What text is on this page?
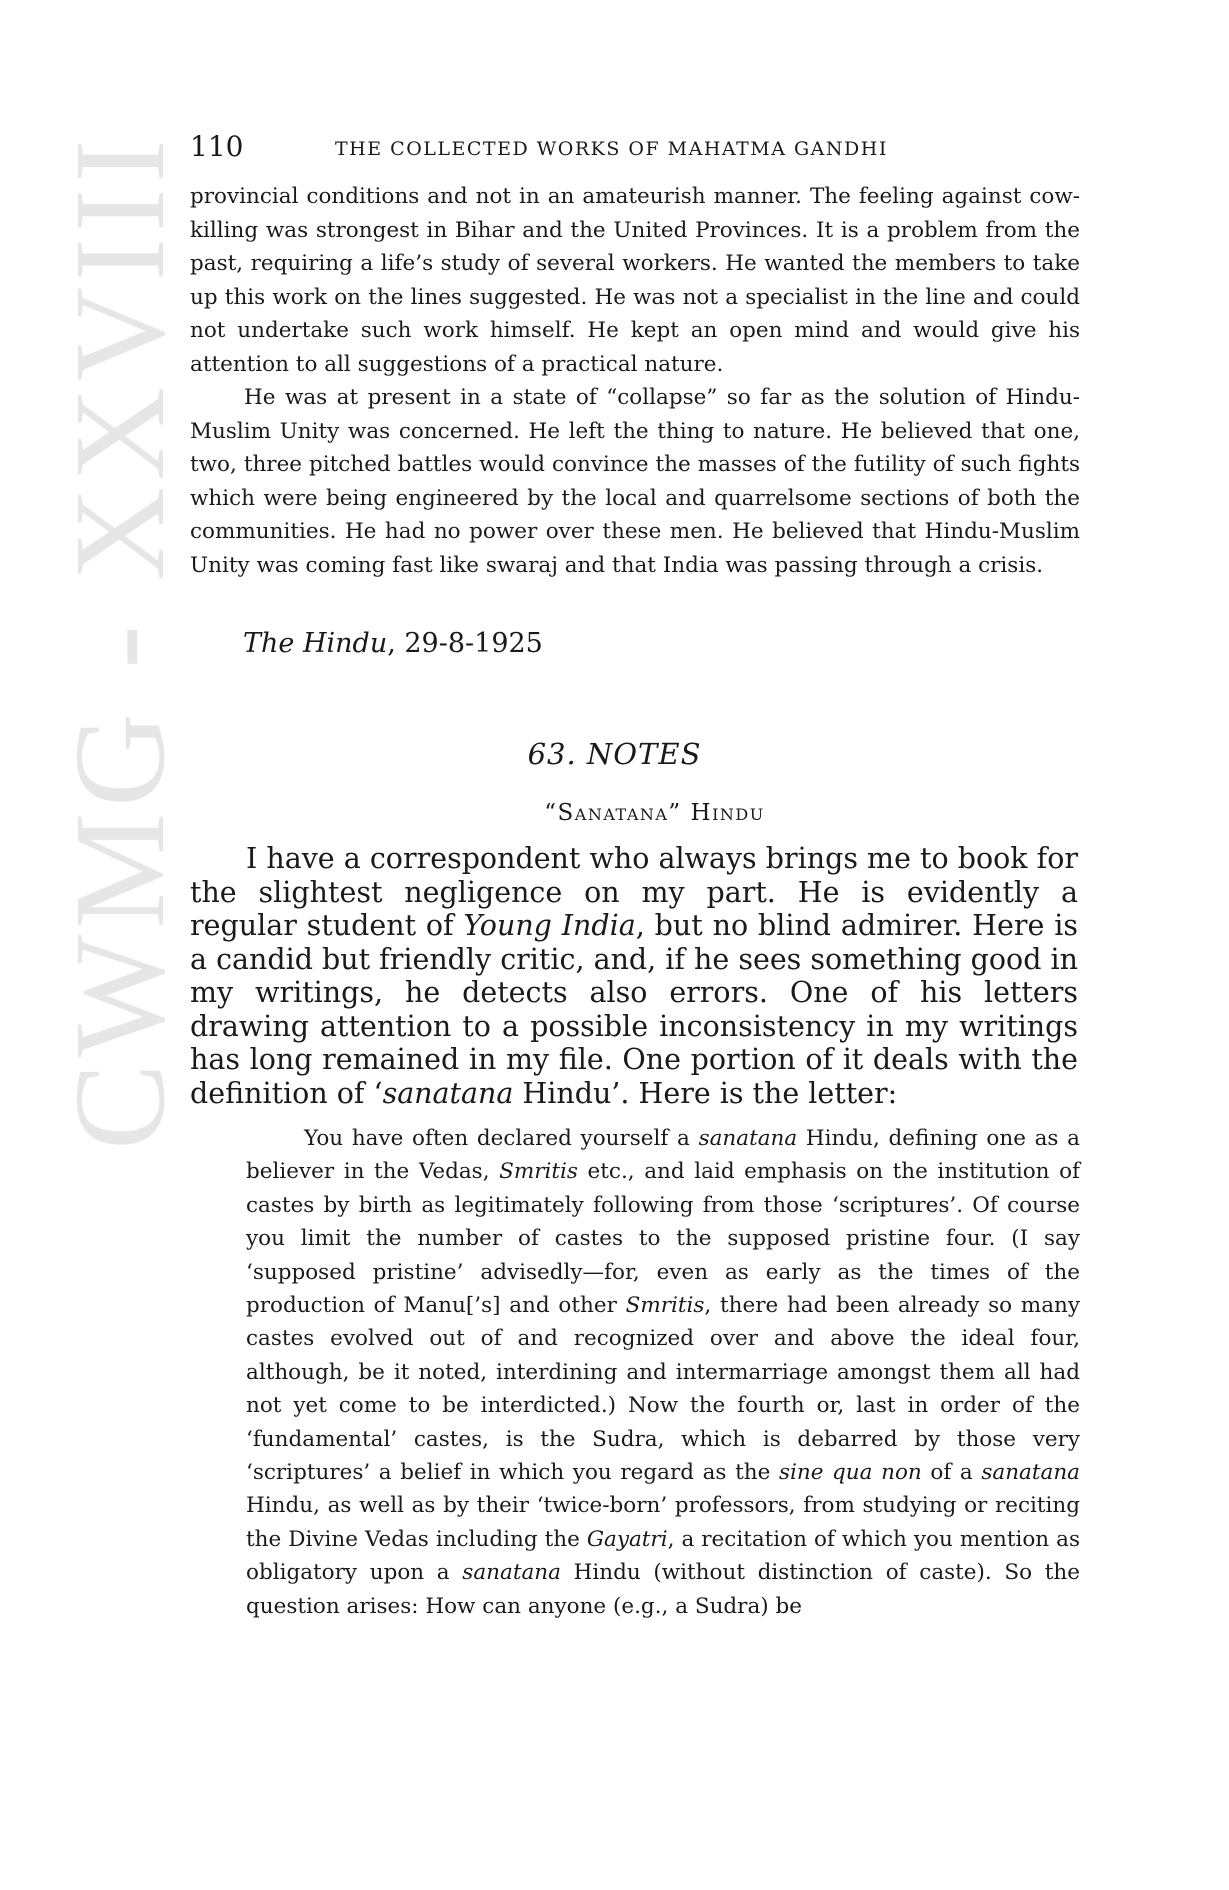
CWMG - XXVIII
110	THE COLLECTED WORKS OF MAHATMA GANDHI

provincial conditions and not in an amateurish manner. The feeling against cow-killing was strongest in Bihar and the United Provinces. It is a problem from the past, requiring a life’s study of several workers. He wanted the members to take up this work on the lines suggested. He was not a specialist in the line and could not undertake such work himself. He kept an open mind and would give his attention to all suggestions of a practical nature.

He was at present in a state of “collapse” so far as the solution of Hindu-Muslim Unity was concerned. He left the thing to nature. He believed that one, two, three pitched battles would convince the masses of the futility of such fights which were being engineered by the local and quarrelsome sections of both the communities. He had no power over these men. He believed that Hindu-Muslim Unity was coming fast like swaraj and that India was passing through a crisis.

The Hindu, 29-8-1925
63. NOTES
“Sanatana” Hindu

I have a correspondent who always brings me to book for the slightest negligence on my part. He is evidently a regular student of Young India, but no blind admirer. Here is a candid but friendly critic, and, if he sees something good in my writings, he detects also errors. One of his letters drawing attention to a possible inconsistency in my writings has long remained in my file. One portion of it deals with the definition of ‘sanatana Hindu’. Here is the letter:

You have often declared yourself a sanatana Hindu, defining one as a believer in the Vedas, Smritis etc., and laid emphasis on the institution of castes by birth as legitimately following from those ‘scriptures’. Of course you limit the number of castes to the supposed pristine four. (I say ‘supposed pristine’ advisedly—for, even as early as the times of the production of Manu[’s] and other Smritis, there had been already so many castes evolved out of and recognized over and above the ideal four, although, be it noted, interdining and intermarriage amongst them all had not yet come to be interdicted.) Now the fourth or, last in order of the ‘fundamental’ castes, is the Sudra, which is debarred by those very ‘scriptures’ a belief in which you regard as the sine qua non of a sanatana Hindu, as well as by their ‘twice-born’ professors, from studying or reciting the Divine Vedas including the Gayatri, a recitation of which you mention as obligatory upon a sanatana Hindu (without distinction of caste). So the question arises: How can anyone (e.g., a Sudra) be
